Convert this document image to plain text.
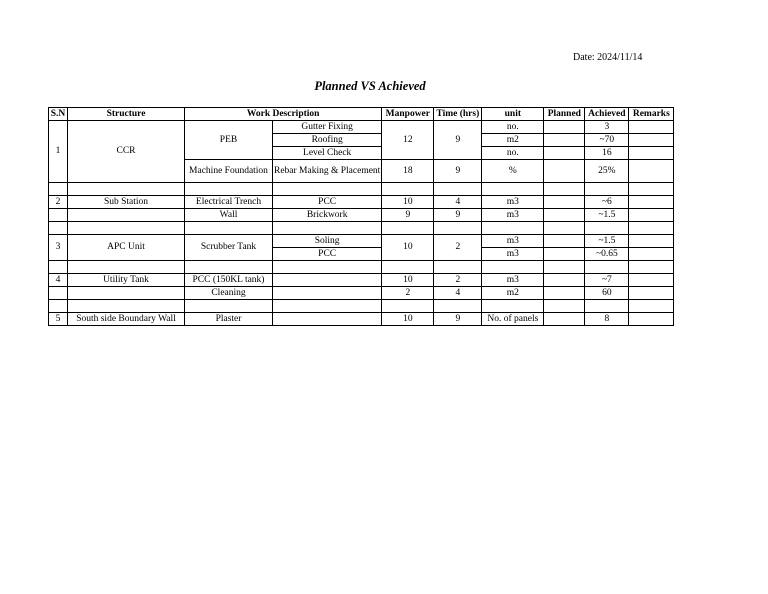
Date: 2024/11/14
Planned VS Achieved
S.N	Structure	Work Description		Manpower	Time (hrs)	unit	Planned	Achieved	Remarks
1	CCR	PEB	Gutter Fixing	12	9	no.		3	
			Roofing			m2		~70	
			Level Check			no.		16	
		Machine Foundation	Rebar Making & Placement	18	9	%		25%	

2	Sub Station	Electrical Trench	PCC	10	4	m3		~6	
		Wall	Brickwork	9	9	m3		~1.5	

3	APC Unit	Scrubber Tank	Soling	10	2	m3		~1.5	
			PCC			m3		~0.65	

4	Utility Tank	PCC (150KL tank)		10	2	m3		~7	
		Cleaning		2	4	m2		60	

5	South side Boundary Wall	Plaster		10	9	No. of panels		8	
